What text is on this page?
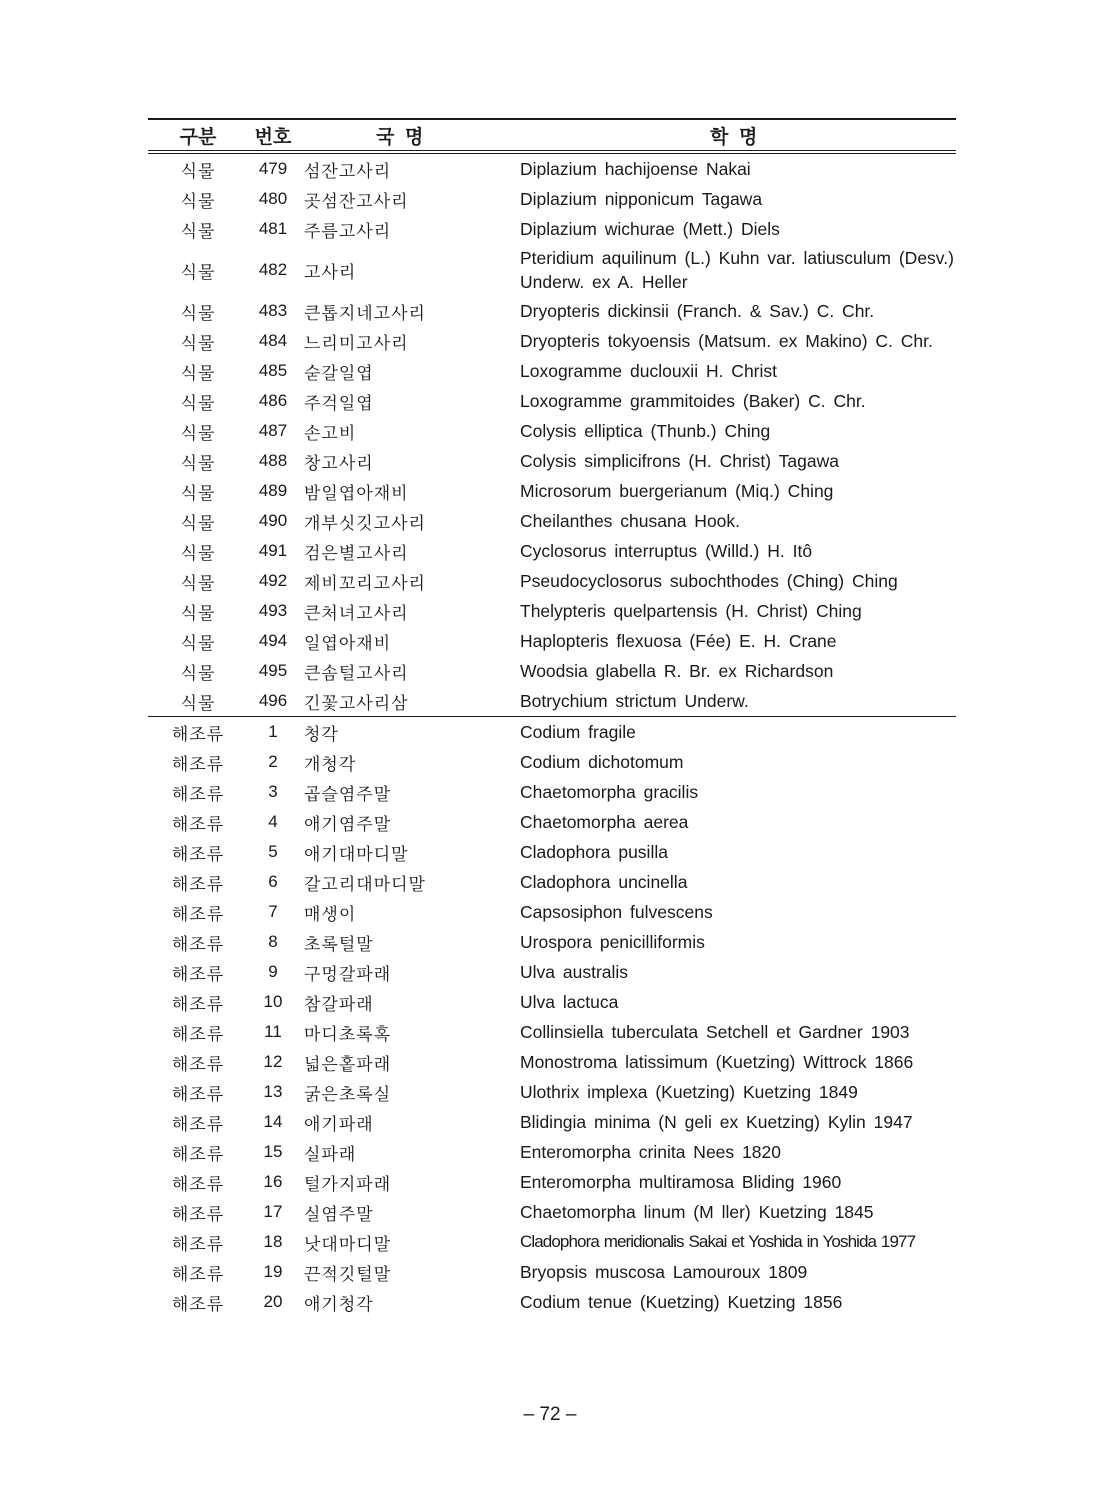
구분	번호	국 명	학 명
식물	479	섬잔고사리	Diplazium hachijoense Nakai
식물	480	곳섬잔고사리	Diplazium nipponicum Tagawa
식물	481	주름고사리	Diplazium wichurae (Mett.) Diels
식물	482	고사리	Pteridium aquilinum (L.) Kuhn var. latiusculum (Desv.) Underw. ex A. Heller
식물	483	큰톱지네고사리	Dryopteris dickinsii (Franch. & Sav.) C. Chr.
식물	484	느리미고사리	Dryopteris tokyoensis (Matsum. ex Makino) C. Chr.
식물	485	숟갈일엽	Loxogramme duclouxii H. Christ
식물	486	주걱일엽	Loxogramme grammitoides (Baker) C. Chr.
식물	487	손고비	Colysis elliptica (Thunb.) Ching
식물	488	창고사리	Colysis simplicifrons (H. Christ) Tagawa
식물	489	밤일엽아재비	Microsorum buergerianum (Miq.) Ching
식물	490	개부싯깃고사리	Cheilanthes chusana Hook.
식물	491	검은별고사리	Cyclosorus interruptus (Willd.) H. Itô
식물	492	제비꼬리고사리	Pseudocyclosorus subochthodes (Ching) Ching
식물	493	큰처녀고사리	Thelypteris quelpartensis (H. Christ) Ching
식물	494	일엽아재비	Haplopteris flexuosa (Fée) E. H. Crane
식물	495	큰솜털고사리	Woodsia glabella R. Br. ex Richardson
식물	496	긴꽃고사리삼	Botrychium strictum Underw.
해조류	1	청각	Codium fragile
해조류	2	개청각	Codium dichotomum
해조류	3	곱슬염주말	Chaetomorpha gracilis
해조류	4	애기염주말	Chaetomorpha aerea
해조류	5	애기대마디말	Cladophora pusilla
해조류	6	갈고리대마디말	Cladophora uncinella
해조류	7	매생이	Capsosiphon fulvescens
해조류	8	초록털말	Urospora penicilliformis
해조류	9	구멍갈파래	Ulva australis
해조류	10	참갈파래	Ulva lactuca
해조류	11	마디초록혹	Collinsiella tuberculata Setchell et Gardner 1903
해조류	12	넓은홑파래	Monostroma latissimum (Kuetzing) Wittrock 1866
해조류	13	굵은초록실	Ulothrix implexa (Kuetzing) Kuetzing 1849
해조류	14	애기파래	Blidingia minima (N geli ex Kuetzing) Kylin 1947
해조류	15	실파래	Enteromorpha crinita Nees 1820
해조류	16	털가지파래	Enteromorpha multiramosa Bliding 1960
해조류	17	실염주말	Chaetomorpha linum (M ller) Kuetzing 1845
해조류	18	낫대마디말	Cladophora meridionalis Sakai et Yoshida in Yoshida 1977
해조류	19	끈적깃털말	Bryopsis muscosa Lamouroux 1809
해조류	20	애기청각	Codium tenue (Kuetzing) Kuetzing 1856
– 72 –
